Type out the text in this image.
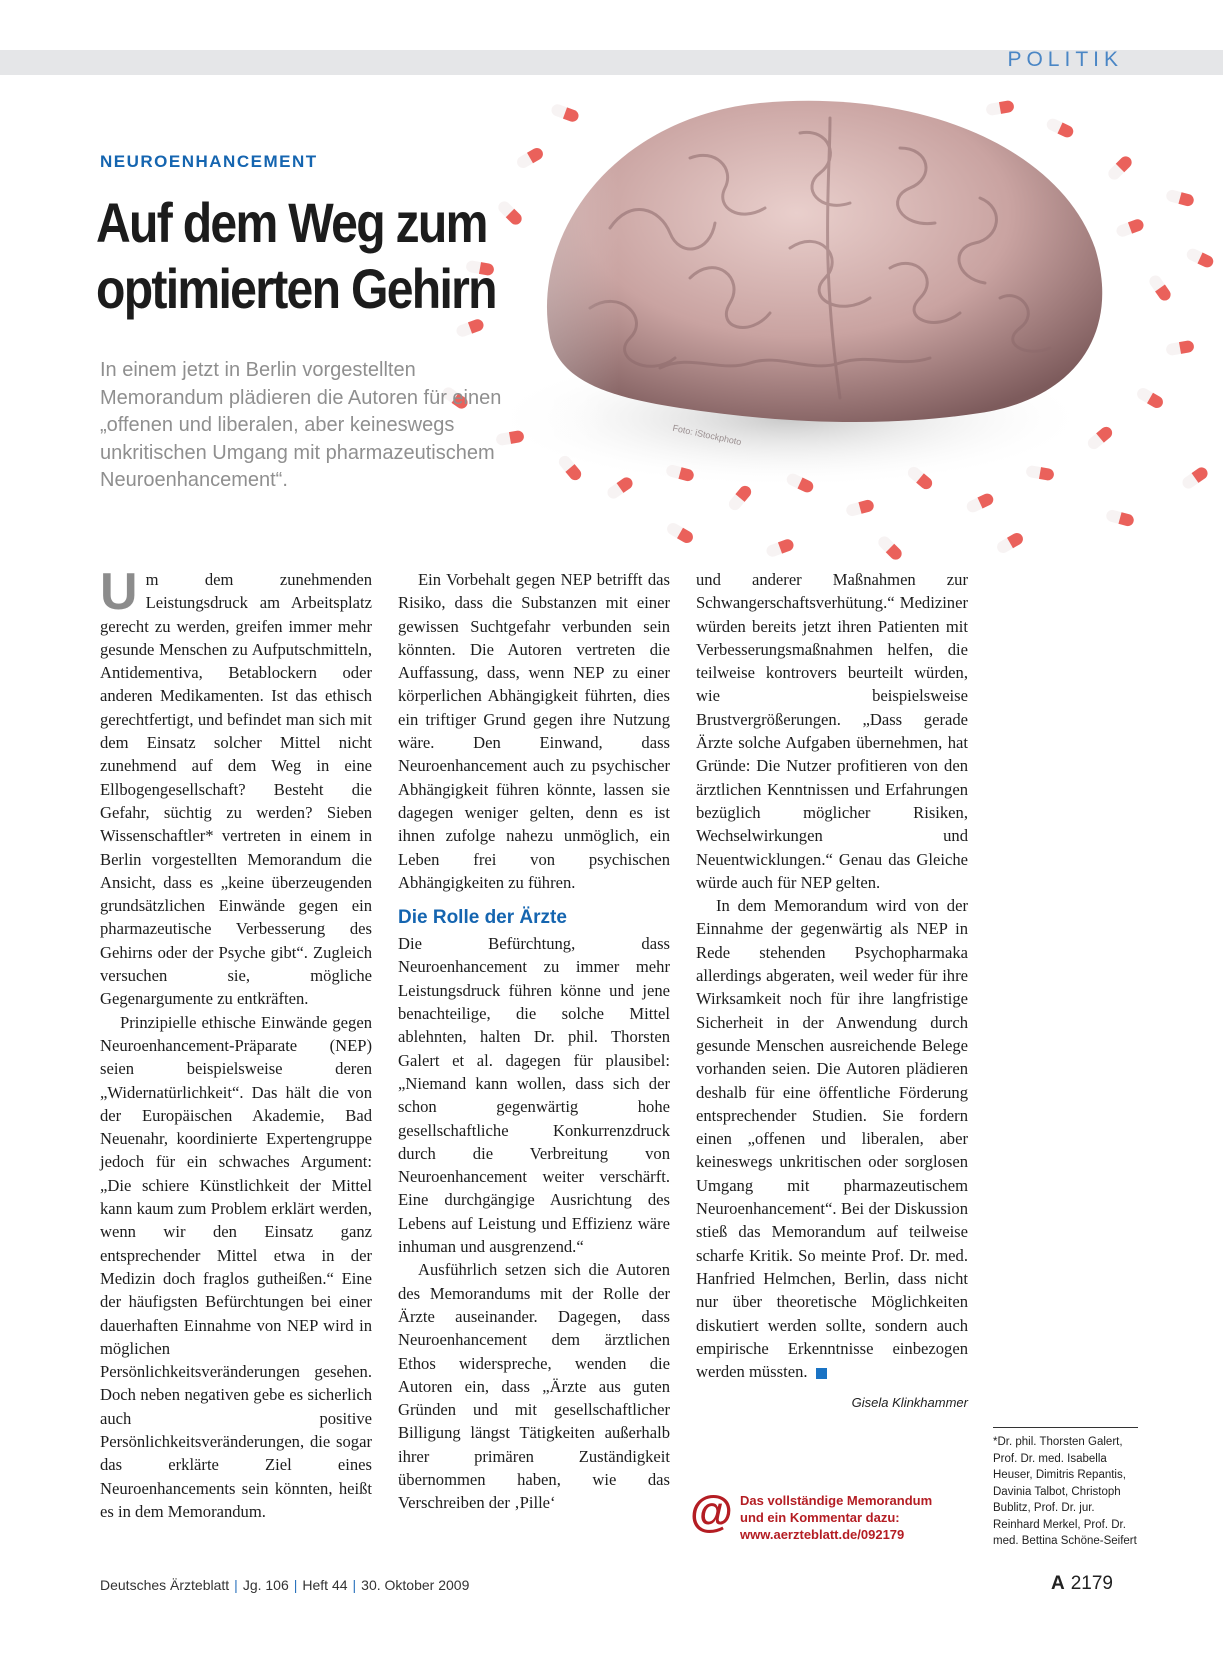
POLITIK
Foto: iStockphoto
NEUROENHANCEMENT
Auf dem Weg zum
optimierten Gehirn

In einem jetzt in Berlin vorgestellten Memorandum plädieren die Autoren für einen „offenen und liberalen, aber keineswegs unkritischen Umgang mit pharmazeutischem Neuroenhancement“.

Um dem zunehmenden Leistungsdruck am Arbeitsplatz gerecht zu werden, greifen immer mehr gesunde Menschen zu Aufputschmitteln, Antidementiva, Betablockern oder anderen Medikamenten. Ist das ethisch gerechtfertigt, und befindet man sich mit dem Einsatz solcher Mittel nicht zunehmend auf dem Weg in eine Ellbogengesellschaft? Besteht die Gefahr, süchtig zu werden? Sieben Wissenschaftler* vertreten in einem in Berlin vorgestellten Memorandum die Ansicht, dass es „keine überzeugenden grundsätzlichen Einwände gegen ein pharmazeutische Verbesserung des Gehirns oder der Psyche gibt“. Zugleich versuchen sie, mögliche Gegenargumente zu entkräften.

Prinzipielle ethische Einwände gegen Neuroenhancement-Präparate (NEP) seien beispielsweise deren „Widernatürlichkeit“. Das hält die von der Europäischen Akademie, Bad Neuenahr, koordinierte Expertengruppe jedoch für ein schwaches Argument: „Die schiere Künstlichkeit der Mittel kann kaum zum Problem erklärt werden, wenn wir den Einsatz ganz entsprechender Mittel etwa in der Medizin doch fraglos gutheißen.“ Eine der häufigsten Befürchtungen bei einer dauerhaften Einnahme von NEP wird in möglichen Persönlichkeitsveränderungen gesehen. Doch neben negativen gebe es sicherlich auch positive Persönlichkeitsveränderungen, die sogar das erklärte Ziel eines Neuroenhancements sein könnten, heißt es in dem Memorandum.

Ein Vorbehalt gegen NEP betrifft das Risiko, dass die Substanzen mit einer gewissen Suchtgefahr verbunden sein könnten. Die Autoren vertreten die Auffassung, dass, wenn NEP zu einer körperlichen Abhängigkeit führten, dies ein triftiger Grund gegen ihre Nutzung wäre. Den Einwand, dass Neuroenhancement auch zu psychischer Abhängigkeit führen könnte, lassen sie dagegen weniger gelten, denn es ist ihnen zufolge nahezu unmöglich, ein Leben frei von psychischen Abhängigkeiten zu führen.

Die Rolle der Ärzte

Die Befürchtung, dass Neuroenhancement zu immer mehr Leistungsdruck führen könne und jene benachteilige, die solche Mittel ablehnten, halten Dr. phil. Thorsten Galert et al. dagegen für plausibel: „Niemand kann wollen, dass sich der schon gegenwärtig hohe gesellschaftliche Konkurrenzdruck durch die Verbreitung von Neuroenhancement weiter verschärft. Eine durchgängige Ausrichtung des Lebens auf Leistung und Effizienz wäre inhuman und ausgrenzend.“

Ausführlich setzen sich die Autoren des Memorandums mit der Rolle der Ärzte auseinander. Dagegen, dass Neuroenhancement dem ärztlichen Ethos widerspreche, wenden die Autoren ein, dass „Ärzte aus guten Gründen und mit gesellschaftlicher Billigung längst Tätigkeiten außerhalb ihrer primären Zuständigkeit übernommen haben, wie das Verschreiben der ‚Pille‘

und anderer Maßnahmen zur Schwangerschaftsverhütung.“ Mediziner würden bereits jetzt ihren Patienten mit Verbesserungsmaßnahmen helfen, die teilweise kontrovers beurteilt würden, wie beispielsweise Brustvergrößerungen. „Dass gerade Ärzte solche Aufgaben übernehmen, hat Gründe: Die Nutzer profitieren von den ärztlichen Kenntnissen und Erfahrungen bezüglich möglicher Risiken, Wechselwirkungen und Neuentwicklungen.“ Genau das Gleiche würde auch für NEP gelten.

In dem Memorandum wird von der Einnahme der gegenwärtig als NEP in Rede stehenden Psychopharmaka allerdings abgeraten, weil weder für ihre Wirksamkeit noch für ihre langfristige Sicherheit in der Anwendung durch gesunde Menschen ausreichende Belege vorhanden seien. Die Autoren plädieren deshalb für eine öffentliche Förderung entsprechender Studien. Sie fordern einen „offenen und liberalen, aber keineswegs unkritischen oder sorglosen Umgang mit pharmazeutischem Neuroenhancement“. Bei der Diskussion stieß das Memorandum auf teilweise scharfe Kritik. So meinte Prof. Dr. med. Hanfried Helmchen, Berlin, dass nicht nur über theoretische Möglichkeiten diskutiert werden sollte, sondern auch empirische Erkenntnisse einbezogen werden müssten.

Gisela Klinkhammer
@ Das vollständige Memorandum
und ein Kommentar dazu:
www.aerzteblatt.de/092179
*Dr. phil. Thorsten Galert, Prof. Dr. med. Isabella Heuser, Dimitris Repantis, Davinia Talbot, Christoph Bublitz, Prof. Dr. jur. Reinhard Merkel, Prof. Dr. med. Bettina Schöne-Seifert
Deutsches Ärzteblatt | Jg. 106 | Heft 44 | 30. Oktober 2009	A 2179
